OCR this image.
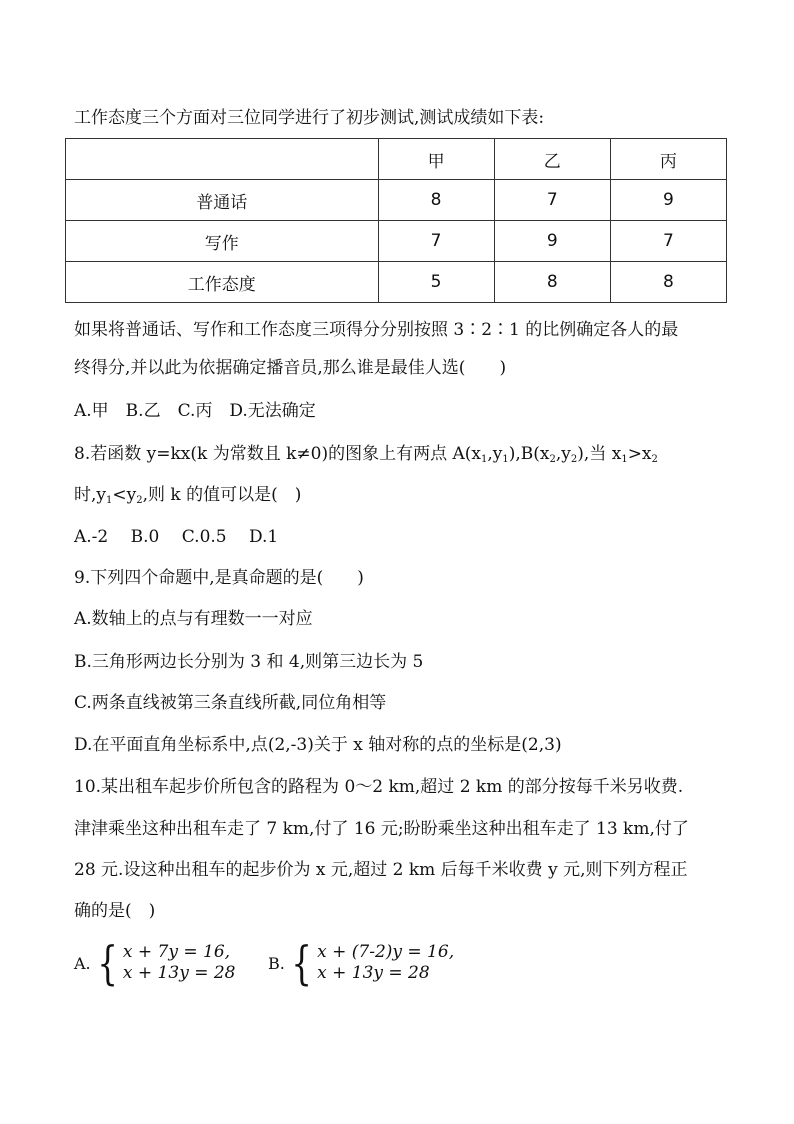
工作态度三个方面对三位同学进行了初步测试,测试成绩如下表:
	甲	乙	丙
普通话	8	7	9
写作	7	9	7
工作态度	5	8	8
如果将普通话、写作和工作态度三项得分分别按照 3∶2∶1 的比例确定各人的最
终得分,并以此为依据确定播音员,那么谁是最佳人选(　　)
A.甲　B.乙　C.丙　D.无法确定
8.若函数 y=kx(k 为常数且 k≠0)的图象上有两点 $A(x_1,y_1),B(x_2,y_2)$,当 $x_1>x_2$
时$,y_1<y_2$,则 k 的值可以是(　)
A.-2　 B.0　 C.0.5　 D.1
9.下列四个命题中,是真命题的是(　　)
A.数轴上的点与有理数一一对应
B.三角形两边长分别为 3 和 4,则第三边长为 5
C.两条直线被第三条直线所截,同位角相等
D.在平面直角坐标系中,点(2,-3)关于 x 轴对称的点的坐标是(2,3)
10.某出租车起步价所包含的路程为 0～2 km,超过 2 km 的部分按每千米另收费.
津津乘坐这种出租车走了 7 km,付了 16 元;盼盼乘坐这种出租车走了 13 km,付了
28 元.设这种出租车的起步价为 x 元,超过 2 km 后每千米收费 y 元,则下列方程正
确的是(　)
A. { x + 7y = 16,
x + 13y = 28 B. { x + (7-2)y = 16,
x + 13y = 28
